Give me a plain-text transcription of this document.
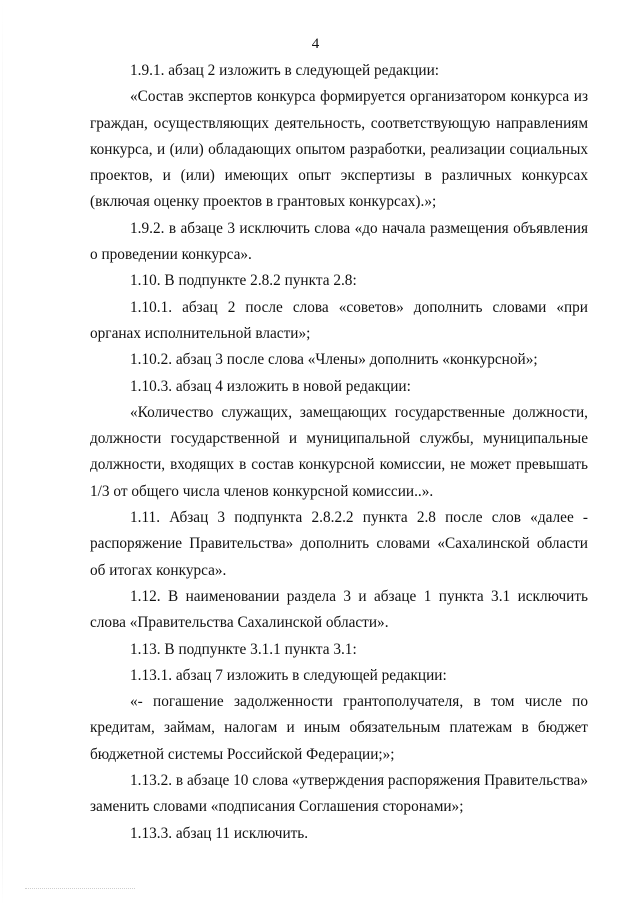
4

1.9.1. абзац 2 изложить в следующей редакции:

«Состав экспертов конкурса формируется организатором конкурса из граждан, осуществляющих деятельность, соответствующую направлениям конкурса, и (или) обладающих опытом разработки, реализации социальных проектов, и (или) имеющих опыт экспертизы в различных конкурсах (включая оценку проектов в грантовых конкурсах).»;

1.9.2. в абзаце 3 исключить слова «до начала размещения объявления о проведении конкурса».

1.10. В подпункте 2.8.2 пункта 2.8:

1.10.1. абзац 2 после слова «советов» дополнить словами «при органах исполнительной власти»;

1.10.2. абзац 3 после слова «Члены» дополнить «конкурсной»;

1.10.3. абзац 4 изложить в новой редакции:

«Количество служащих, замещающих государственные должности, должности государственной и муниципальной службы, муниципальные должности, входящих в состав конкурсной комиссии, не может превышать 1/3 от общего числа членов конкурсной комиссии..».

1.11. Абзац 3 подпункта 2.8.2.2 пункта 2.8 после слов «далее - распоряжение Правительства» дополнить словами «Сахалинской области об итогах конкурса».

1.12. В наименовании раздела 3 и абзаце 1 пункта 3.1 исключить слова «Правительства Сахалинской области».

1.13. В подпункте 3.1.1 пункта 3.1:

1.13.1. абзац 7 изложить в следующей редакции:

«- погашение задолженности грантополучателя, в том числе по кредитам, займам, налогам и иным обязательным платежам в бюджет бюджетной системы Российской Федерации;»;

1.13.2. в абзаце 10 слова «утверждения распоряжения Правительства» заменить словами «подписания Соглашения сторонами»;

1.13.3. абзац 11 исключить.
